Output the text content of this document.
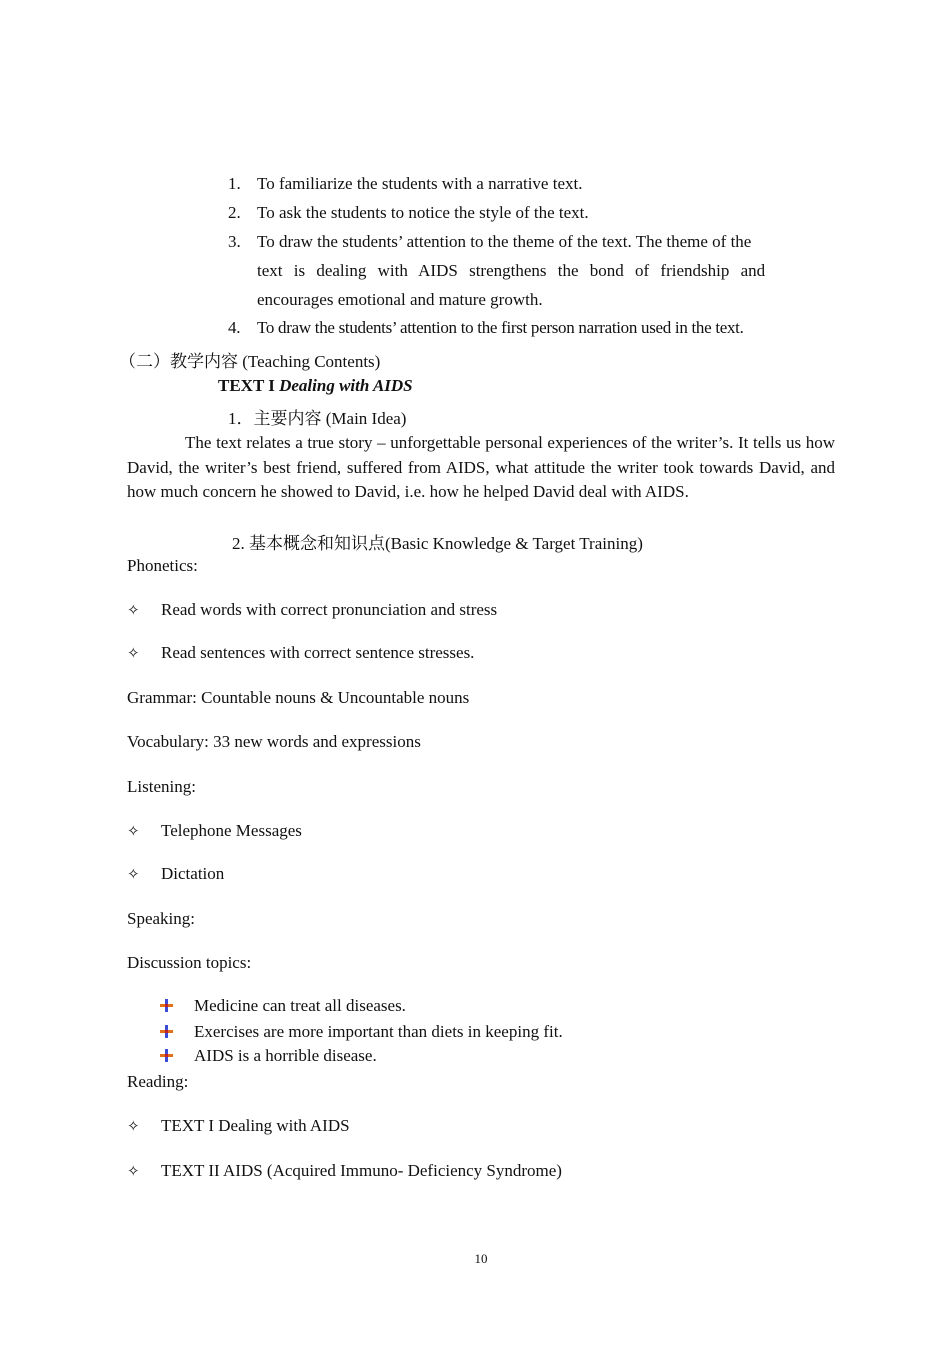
1. To familiarize the students with a narrative text.
2. To ask the students to notice the style of the text.
3. To draw the students’ attention to the theme of the text. The theme of the
text is dealing with AIDS strengthens the bond of friendship and
encourages emotional and mature growth.
4. To draw the students’ attention to the first person narration used in the text.
（二）教学内容 (Teaching Contents)
TEXT I Dealing with AIDS
1．主要内容 (Main Idea)
The text relates a true story – unforgettable personal experiences of the writer’s. It tells us how David, the writer’s best friend, suffered from AIDS, what attitude the writer took towards David, and how much concern he showed to David, i.e. how he helped David deal with AIDS.
2. 基本概念和知识点(Basic Knowledge & Target Training)
Phonetics:
✧ Read words with correct pronunciation and stress
✧ Read sentences with correct sentence stresses.
Grammar: Countable nouns & Uncountable nouns
Vocabulary: 33 new words and expressions
Listening:
✧ Telephone Messages
✧ Dictation
Speaking:
Discussion topics:
Medicine can treat all diseases.
Exercises are more important than diets in keeping fit.
AIDS is a horrible disease.
Reading:
✧ TEXT I Dealing with AIDS
✧ TEXT II AIDS (Acquired Immuno- Deficiency Syndrome)
10
